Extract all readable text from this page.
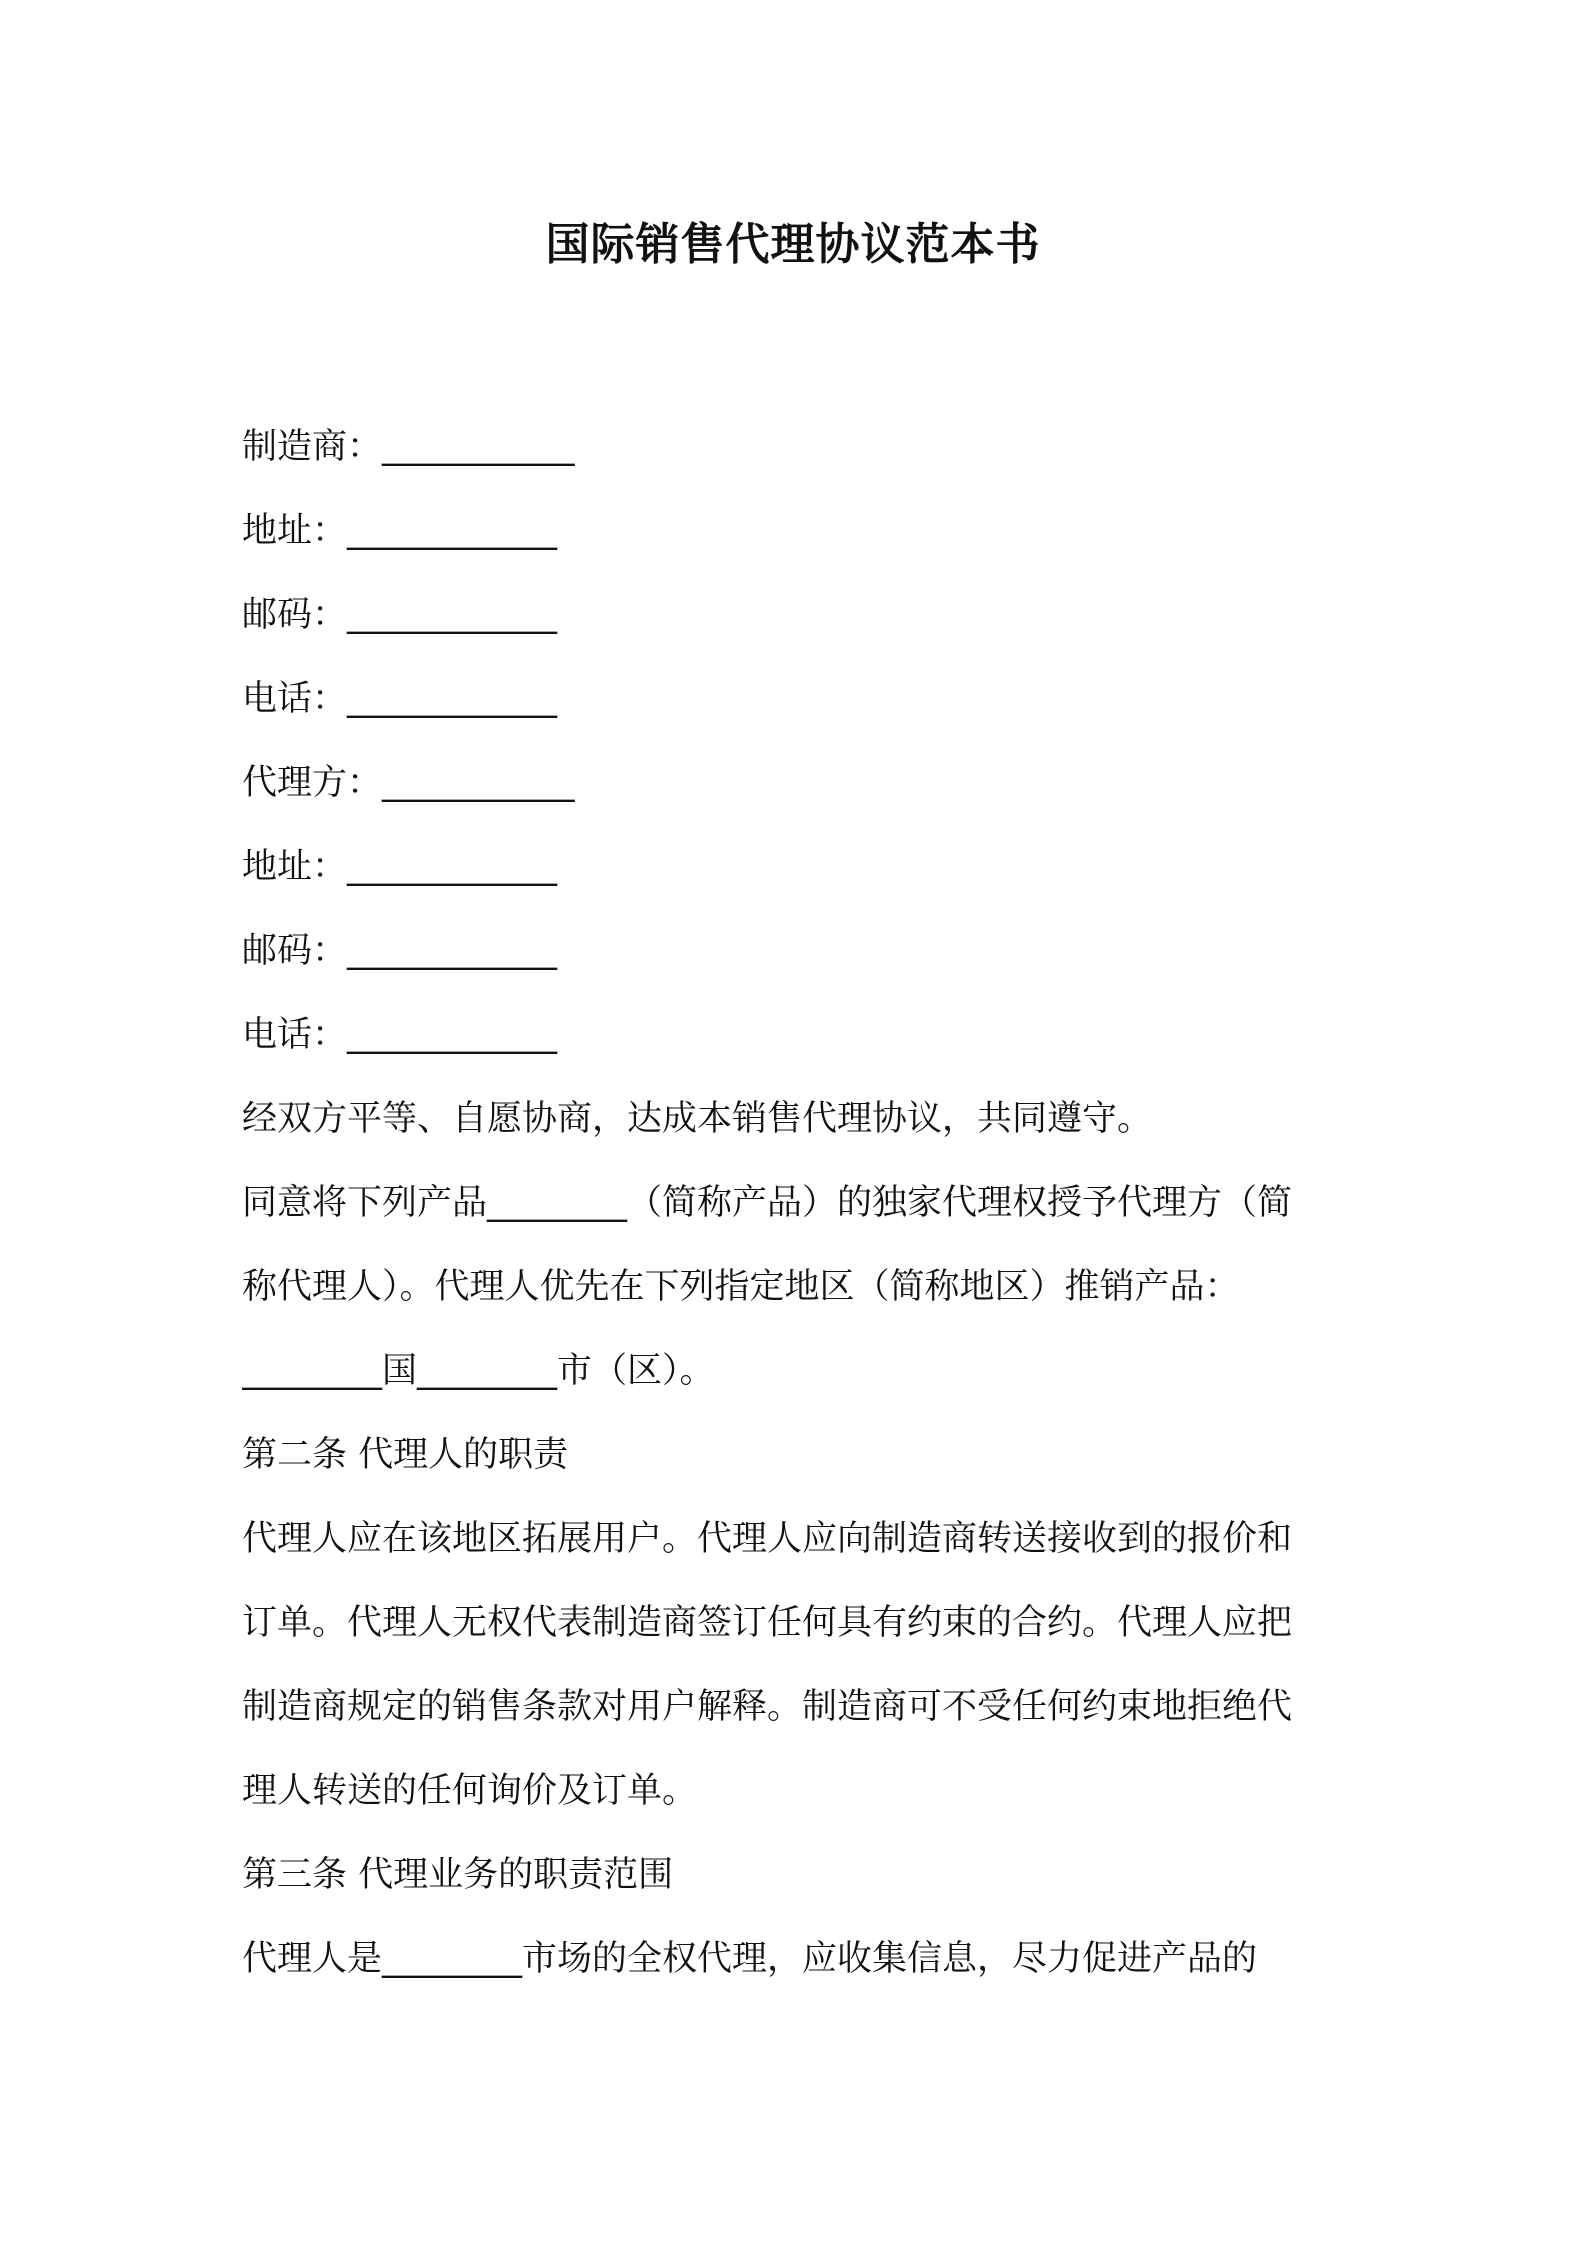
国际销售代理协议范本书
制造商：___________
地址：____________
邮码：____________
电话：____________
代理方：___________
地址：____________
邮码：____________
电话：____________
经双方平等、自愿协商，达成本销售代理协议，共同遵守。
同意将下列产品________（简称产品）的独家代理权授予代理方（简
称代理人）。代理人优先在下列指定地区（简称地区）推销产品：
________国________市（区）。
第二条 代理人的职责
代理人应在该地区拓展用户。代理人应向制造商转送接收到的报价和
订单。代理人无权代表制造商签订任何具有约束的合约。代理人应把
制造商规定的销售条款对用户解释。制造商可不受任何约束地拒绝代
理人转送的任何询价及订单。
第三条 代理业务的职责范围
代理人是________市场的全权代理，应收集信息，尽力促进产品的
